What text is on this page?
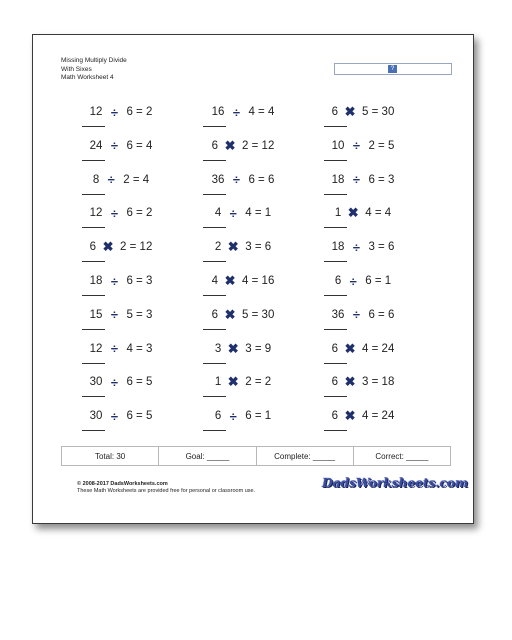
Missing Multiply Divide
With Sixes
Math Worksheet 4
?
12 ÷ 6 = 2	16 ÷ 4 = 4	6 ✖ 5 = 30
24 ÷ 6 = 4	6 ✖ 2 = 12	10 ÷ 2 = 5
8 ÷ 2 = 4	36 ÷ 6 = 6	18 ÷ 6 = 3
12 ÷ 6 = 2	4 ÷ 4 = 1	1 ✖ 4 = 4
6 ✖ 2 = 12	2 ✖ 3 = 6	18 ÷ 3 = 6
18 ÷ 6 = 3	4 ✖ 4 = 16	6 ÷ 6 = 1
15 ÷ 5 = 3	6 ✖ 5 = 30	36 ÷ 6 = 6
12 ÷ 4 = 3	3 ✖ 3 = 9	6 ✖ 4 = 24
30 ÷ 6 = 5	1 ✖ 2 = 2	6 ✖ 3 = 18
30 ÷ 6 = 5	6 ÷ 6 = 1	6 ✖ 4 = 24
Total: 30	Goal: _____	Complete: _____	Correct: _____
© 2008-2017 DadsWorksheets.com
These Math Worksheets are provided free for personal or classroom use.
DadsWorksheets.com
